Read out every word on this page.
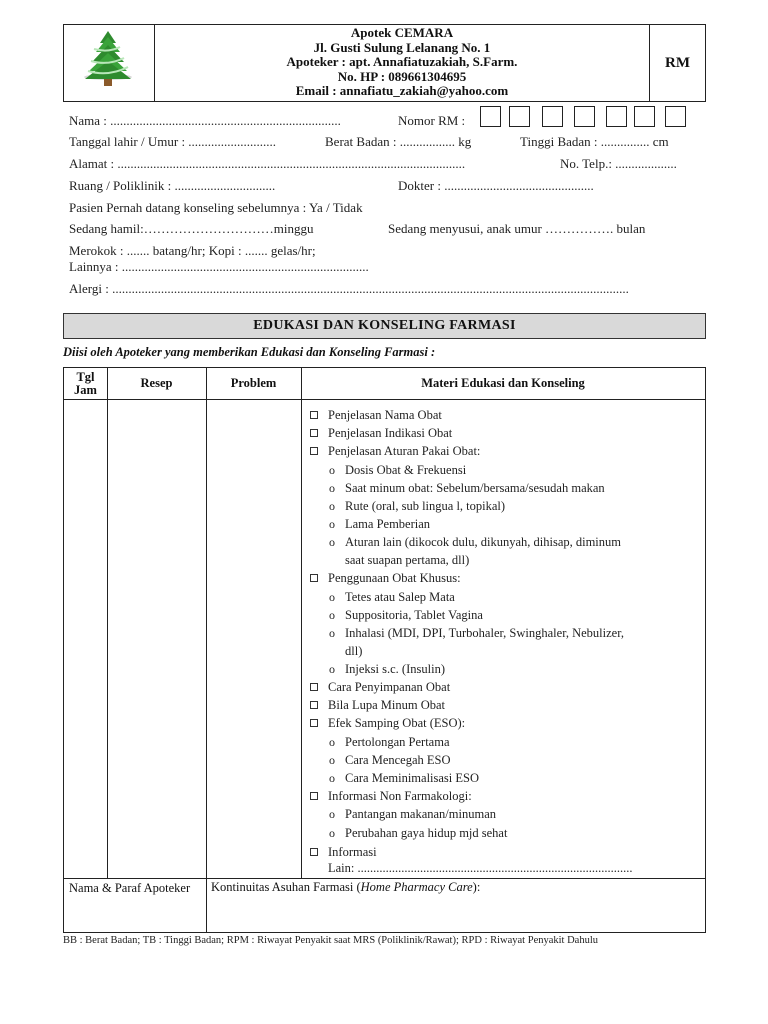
Apotek CEMARA
Jl. Gusti Sulung Lelanang No. 1
Apoteker : apt. Annafiatuzakiah, S.Farm.
No. HP : 089661304695
Email : annafiatu_zakiah@yahoo.com
RM
Nama : .......................................................................	Nomor RM :
Tanggal lahir / Umur : ...........................	Berat Badan : ................. kg	Tinggi Badan : ............... cm
Alamat : ...........................................................................................................	No. Telp.: ...................
Ruang / Poliklinik : ...............................	Dokter : ..............................................
Pasien Pernah datang konseling sebelumnya : Ya / Tidak
Sedang hamil:…………………………minggu	Sedang menyusui, anak umur ……………. bulan
Merokok : ....... batang/hr; Kopi : ....... gelas/hr;
Lainnya : ............................................................................
Alergi : ...............................................................................................................................................................
EDUKASI DAN KONSELING FARMASI
Diisi oleh Apoteker yang memberikan Edukasi dan Konseling Farmasi :
Tgl
Jam	Resep	Problem	Materi Edukasi dan Konseling
Penjelasan Nama Obat
Penjelasan Indikasi Obat
Penjelasan Aturan Pakai Obat:
o Dosis Obat & Frekuensi
o Saat minum obat: Sebelum/bersama/sesudah makan
o Rute (oral, sub lingua l, topikal)
o Lama Pemberian
o Aturan lain (dikocok dulu, dikunyah, dihisap, diminum
saat suapan pertama, dll)
Penggunaan Obat Khusus:
o Tetes atau Salep Mata
o Suppositoria, Tablet Vagina
o Inhalasi (MDI, DPI, Turbohaler, Swinghaler, Nebulizer,
dll)
o Injeksi s.c. (Insulin)
Cara Penyimpanan Obat
Bila Lupa Minum Obat
Efek Samping Obat (ESO):
o Pertolongan Pertama
o Cara Mencegah ESO
o Cara Meminimalisasi ESO
Informasi Non Farmakologi:
o Pantangan makanan/minuman
o Perubahan gaya hidup mjd sehat
Informasi
Lain: ........................................................................................
Nama & Paraf Apoteker	Kontinuitas Asuhan Farmasi (Home Pharmacy Care):
BB : Berat Badan; TB : Tinggi Badan; RPM : Riwayat Penyakit saat MRS (Poliklinik/Rawat); RPD : Riwayat Penyakit Dahulu
